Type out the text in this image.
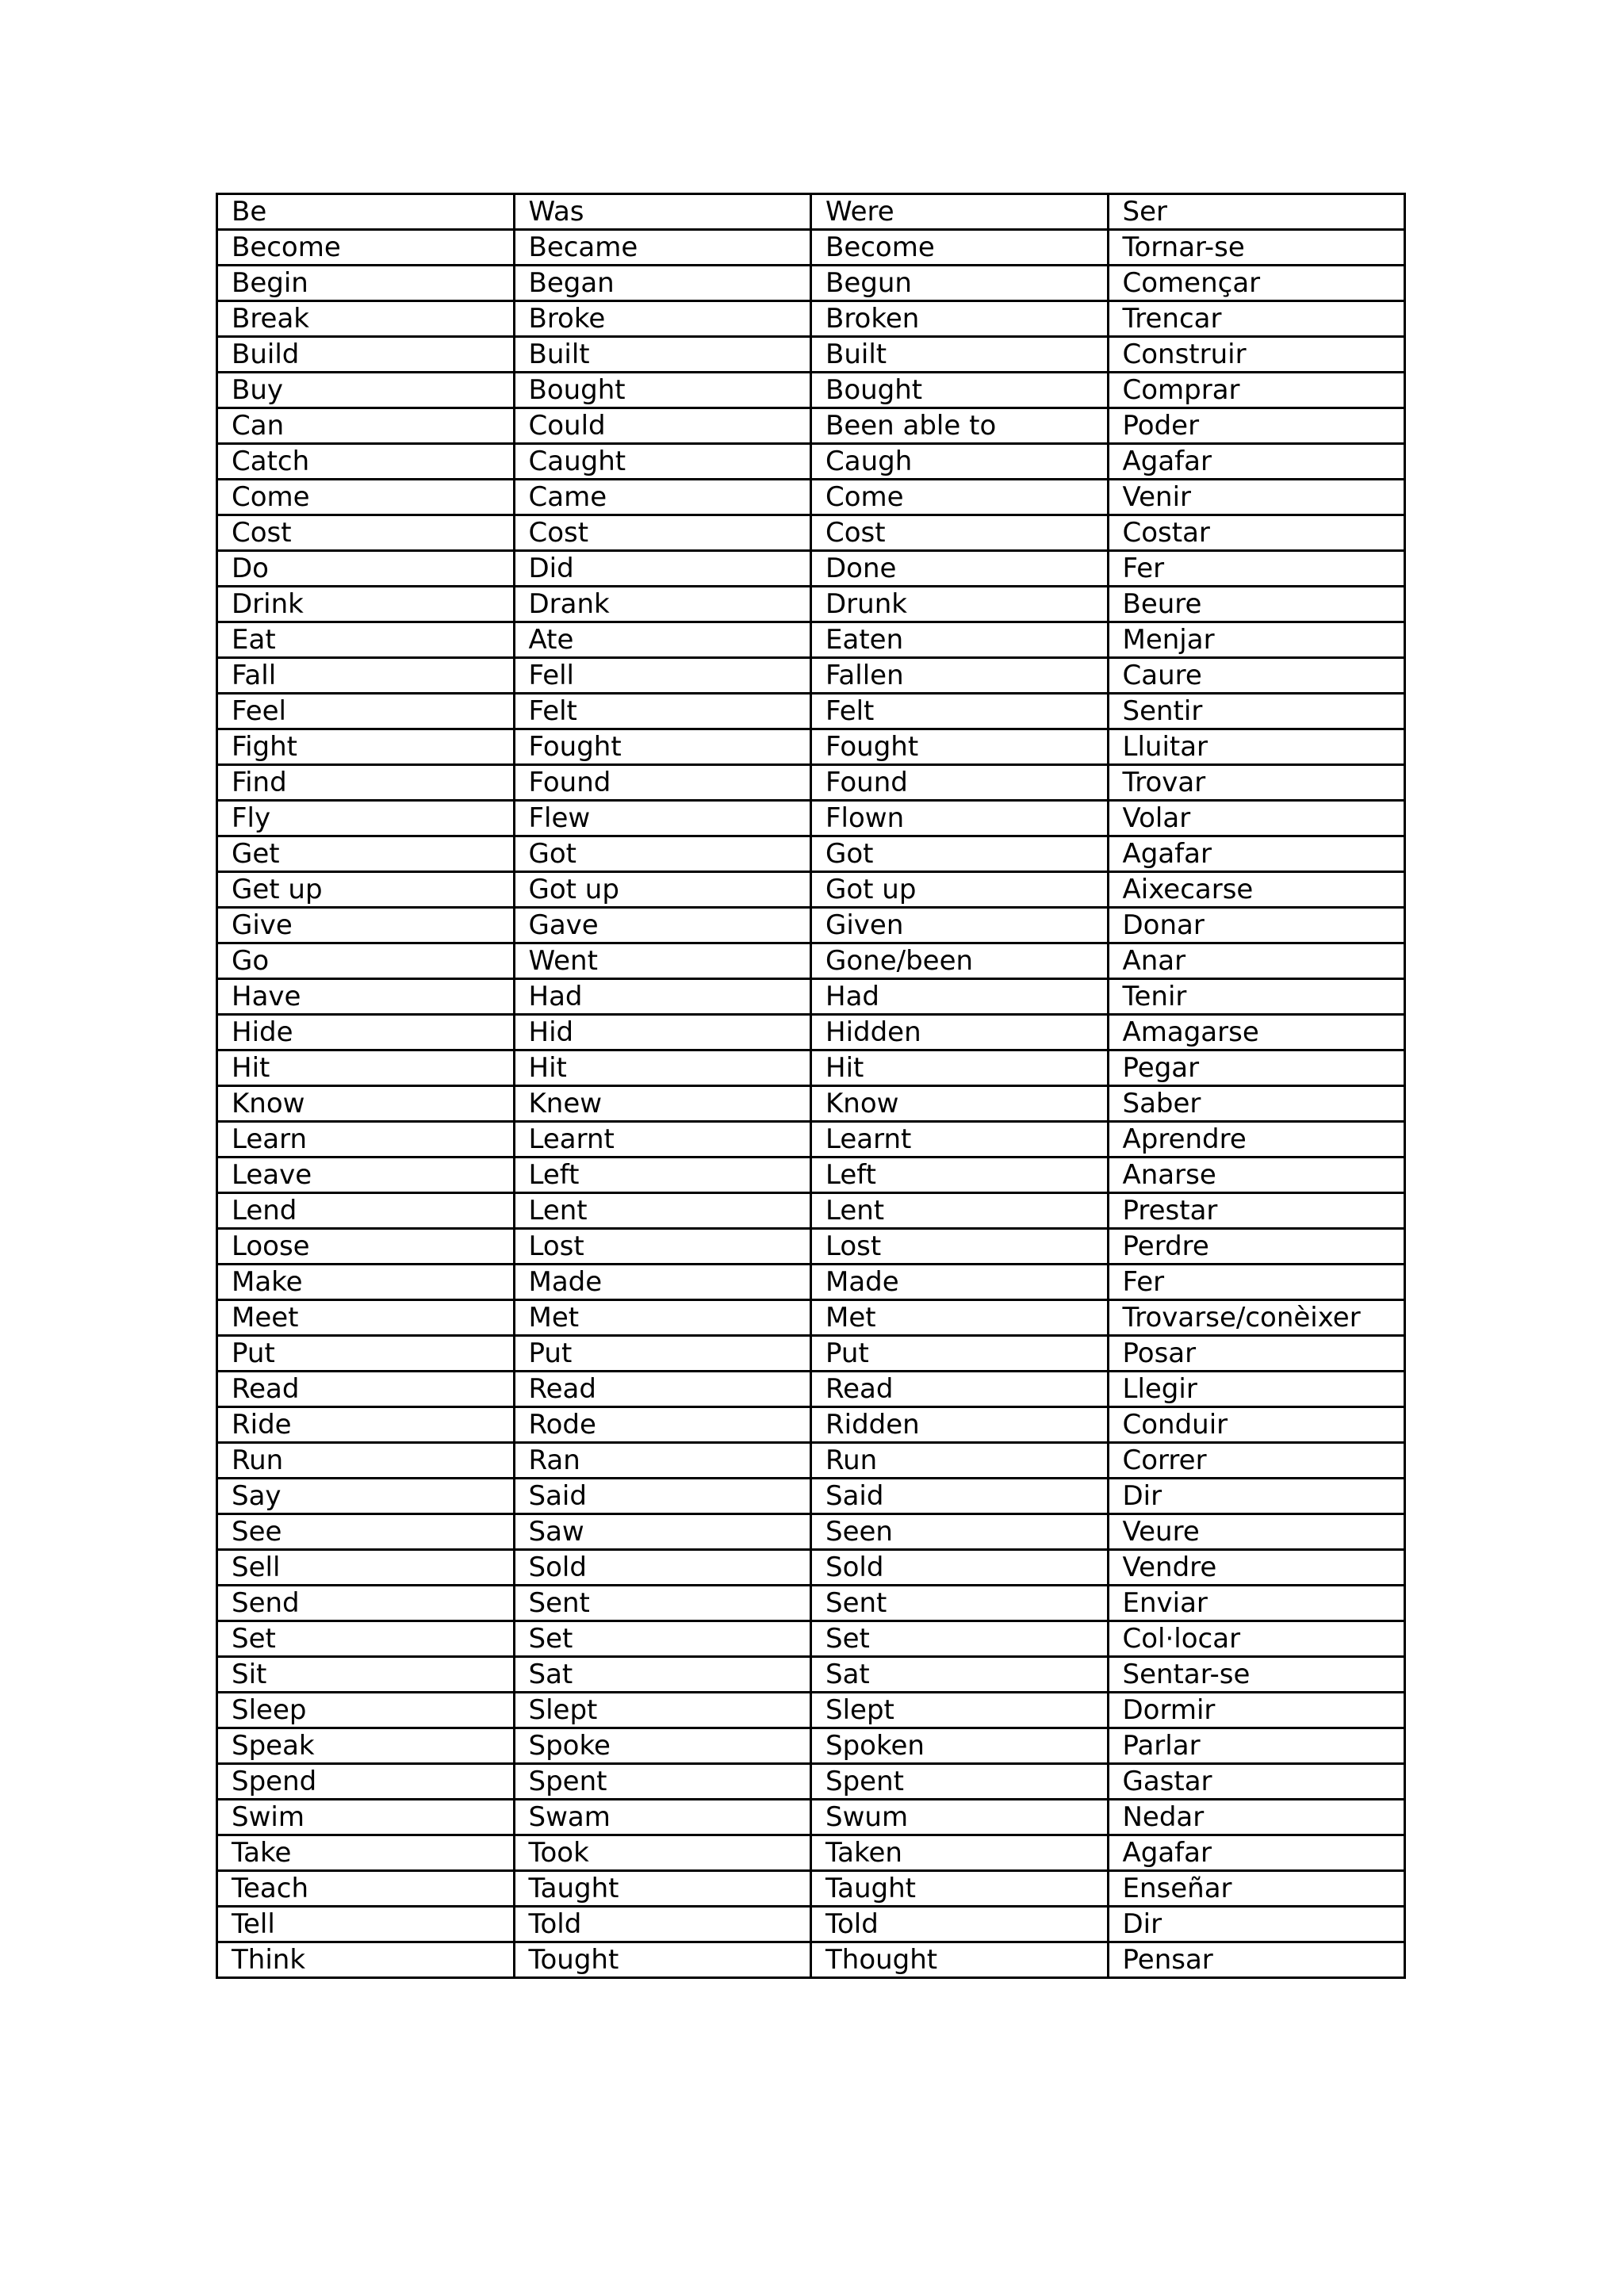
Be	Was	Were	Ser
Become	Became	Become	Tornar-se
Begin	Began	Begun	Començar
Break	Broke	Broken	Trencar
Build	Built	Built	Construir
Buy	Bought	Bought	Comprar
Can	Could	Been able to	Poder
Catch	Caught	Caugh	Agafar
Come	Came	Come	Venir
Cost	Cost	Cost	Costar
Do	Did	Done	Fer
Drink	Drank	Drunk	Beure
Eat	Ate	Eaten	Menjar
Fall	Fell	Fallen	Caure
Feel	Felt	Felt	Sentir
Fight	Fought	Fought	Lluitar
Find	Found	Found	Trovar
Fly	Flew	Flown	Volar
Get	Got	Got	Agafar
Get up	Got up	Got up	Aixecarse
Give	Gave	Given	Donar
Go	Went	Gone/been	Anar
Have	Had	Had	Tenir
Hide	Hid	Hidden	Amagarse
Hit	Hit	Hit	Pegar
Know	Knew	Know	Saber
Learn	Learnt	Learnt	Aprendre
Leave	Left	Left	Anarse
Lend	Lent	Lent	Prestar
Loose	Lost	Lost	Perdre
Make	Made	Made	Fer
Meet	Met	Met	Trovarse/conèixer
Put	Put	Put	Posar
Read	Read	Read	Llegir
Ride	Rode	Ridden	Conduir
Run	Ran	Run	Correr
Say	Said	Said	Dir
See	Saw	Seen	Veure
Sell	Sold	Sold	Vendre
Send	Sent	Sent	Enviar
Set	Set	Set	Col·locar
Sit	Sat	Sat	Sentar-se
Sleep	Slept	Slept	Dormir
Speak	Spoke	Spoken	Parlar
Spend	Spent	Spent	Gastar
Swim	Swam	Swum	Nedar
Take	Took	Taken	Agafar
Teach	Taught	Taught	Enseñar
Tell	Told	Told	Dir
Think	Tought	Thought	Pensar
